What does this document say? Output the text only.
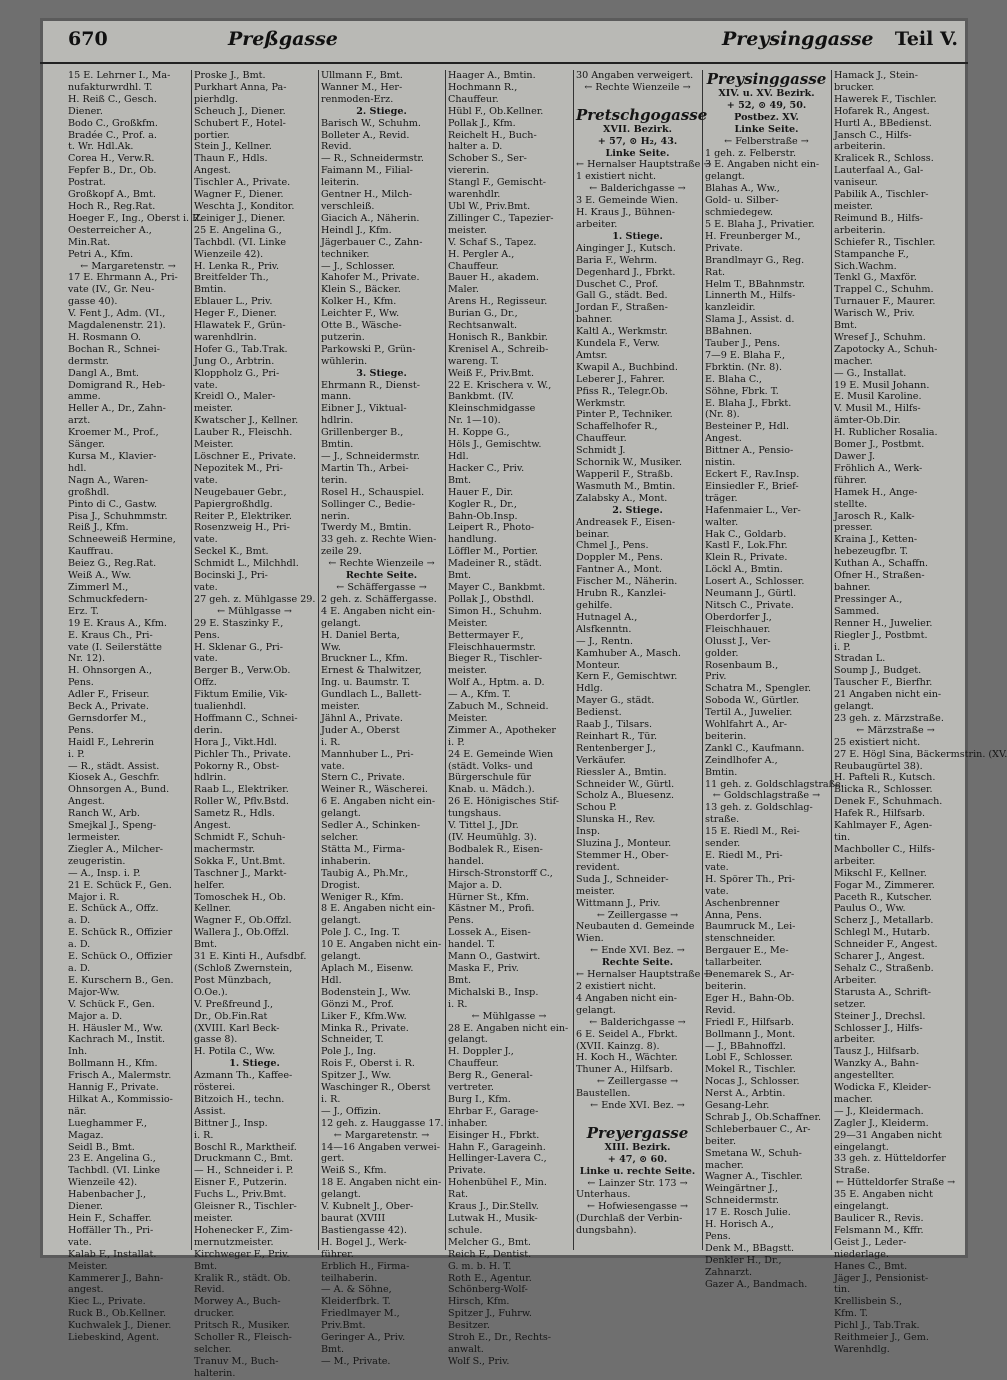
670	Preßgasse	Preysinggasse Teil V.
15 E. Lehrner I., Ma-
nufakturwrdhl. T.
H. Reiß C., Gesch.
Diener.
Bodo C., Großkfm.
Bradée C., Prof. a.
t. Wr. Hdl.Ak.
Corea H., Verw.R.
Fepfer B., Dr., Ob.
Postrat.
Großkopf A., Bmt.
Hoch R., Reg.Rat.
Hoeger F., Ing., Oberst i. R.
Oesterreicher A.,
Min.Rat.
Petri A., Kfm.
← Margaretenstr. →
17 E. Ehrmann A., Pri-
vate (IV., Gr. Neu-
gasse 40).
V. Fent J., Adm. (VI.,
Magdalenenstr. 21).
H. Rosmann O.
Bochan R., Schnei-
dermstr.
Dangl A., Bmt.
Domigrand R., Heb-
amme.
Heller A., Dr., Zahn-
arzt.
Kroemer M., Prof.,
Sänger.
Kursa M., Klavier-
hdl.
Nagn A., Waren-
großhdl.
Pinto di C., Gastw.
Pisa J., Schuhmmstr.
Reiß J., Kfm.
Schneeweiß Hermine,
Kauffrau.
Beiez G., Reg.Rat.
Weiß A., Ww.
Zimmerl M.,
Schmuckfedern-
Erz. T.
19 E. Kraus A., Kfm.
E. Kraus Ch., Pri-
vate (I. Seilerstätte
Nr. 12).
H. Ohnsorgen A.,
Pens.
Adler F., Friseur.
Beck A., Private.
Gernsdorfer M.,
Pens.
Haidl F., Lehrerin
i. P.
— R., städt. Assist.
Kiosek A., Geschfr.
Ohnsorgen A., Bund.
Angest.
Ranch W., Arb.
Smejkal J., Speng-
lermeister.
Ziegler A., Milcher-
zeugeristin.
— A., Insp. i. P.
21 E. Schück F., Gen.
Major i. R.
E. Schück A., Offz.
a. D.
E. Schück R., Offizier
a. D.
E. Schück O., Offizier
a. D.
E. Kurschern B., Gen.
Major-Ww.
V. Schück F., Gen.
Major a. D.
H. Häusler M., Ww.
Kachrach M., Instit.
Inh.
Bollmann H., Kfm.
Frisch A., Malermstr.
Hannig F., Private.
Hilkat A., Kommissio-
när.
Lueghammer F.,
Magaz.
Seidl B., Bmt.
23 E. Angelina G.,
Tachbdl. (VI. Linke
Wienzeile 42).
Habenbacher J.,
Diener.
Hein F., Schaffer.
Hoffäller Th., Pri-
vate.
Kalab F., Installat.
Meister.
Kammerer J., Bahn-
angest.
Kiec L., Private.
Ruck B., Ob.Kellner.
Kuchwalek J., Diener.
Liebeskind, Agent.
Proske J., Bmt.
Purkhart Anna, Pa-
pierhdlg.
Scheuch J., Diener.
Schubert F., Hotel-
portier.
Stein J., Kellner.
Thaun F., Hdls.
Angest.
Tischler A., Private.
Wagner F., Diener.
Weschta J., Konditor.
Zeiniger J., Diener.
25 E. Angelina G.,
Tachbdl. (VI. Linke
Wienzeile 42).
H. Lenka R., Priv.
Breitfelder Th.,
Bmtin.
Eblauer L., Priv.
Heger F., Diener.
Hlawatek F., Grün-
warenhdlrin.
Hofer G., Tab.Trak.
Jung O., Arbtrin.
Kloppholz G., Pri-
vate.
Kreidl O., Maler-
meister.
Kwatscher J., Kellner.
Lauber R., Fleischh.
Meister.
Löschner E., Private.
Nepozitek M., Pri-
vate.
Neugebauer Gebr.,
Papiergroßhdlg.
Reiter P., Elektriker.
Rosenzweig H., Pri-
vate.
Seckel K., Bmt.
Schmidt L., Milchhdl.
Bocinski J., Pri-
vate.
27 geh. z. Mühlgasse 29.
← Mühlgasse →
29 E. Staszinky F.,
Pens.
H. Sklenar G., Pri-
vate.
Berger B., Verw.Ob.
Offz.
Fiktum Emilie, Vik-
tualienhdl.
Hoffmann C., Schnei-
derin.
Hora J., Vikt.Hdl.
Pichler Th., Private.
Pokorny R., Obst-
hdlrin.
Raab L., Elektriker.
Roller W., Pflv.Bstd.
Sametz R., Hdls.
Angest.
Schmidt F., Schuh-
machermstr.
Sokka F., Unt.Bmt.
Taschner J., Markt-
helfer.
Tomoschek H., Ob.
Kellner.
Wagner F., Ob.Offzl.
Wallera J., Ob.Offzl.
Bmt.
31 E. Kinti H., Aufsdbf.
(Schloß Zwernstein,
Post Münzbach,
O.Oe.).
V. Preßfreund J.,
Dr., Ob.Fin.Rat
(XVIII. Karl Beck-
gasse 8).
H. Potila C., Ww.
1. Stiege.
Azmann Th., Kaffee-
rösterei.
Bitzoich H., techn.
Assist.
Bittner J., Insp.
i. R.
Boschl R., Marktheif.
Druckmann C., Bmt.
— H., Schneider i. P.
Eisner F., Putzerin.
Fuchs L., Priv.Bmt.
Gleisner R., Tischler-
meister.
Hohenecker F., Zim-
mernutzmeister.
Kirchweger F., Priv.
Bmt.
Kralik R., städt. Ob.
Revid.
Morwey A., Buch-
drucker.
Pritsch R., Musiker.
Scholler R., Fleisch-
selcher.
Tranuv M., Buch-
halterin.
Ullmann F., Bmt.
Wanner M., Her-
renmoden-Erz.
2. Stiege.
Barisch W., Schuhm.
Bolleter A., Revid.
Revid.
— R., Schneidermstr.
Faimann M., Filial-
leiterin.
Gentner H., Milch-
verschleiß.
Giacich A., Näherin.
Heindl J., Kfm.
Jägerbauer C., Zahn-
techniker.
— J., Schlosser.
Kahofer M., Private.
Klein S., Bäcker.
Kolker H., Kfm.
Leichter F., Ww.
Otte B., Wäsche-
putzerin.
Parkowski P., Grün-
wühlerin.
3. Stiege.
Ehrmann R., Dienst-
mann.
Eibner J., Viktual-
hdlrin.
Grillenberger B.,
Bmtin.
— J., Schneidermstr.
Martin Th., Arbei-
terin.
Rosel H., Schauspiel.
Sollinger C., Bedie-
nerin.
Twerdy M., Bmtin.
33 geh. z. Rechte Wien-
zeile 29.
← Rechte Wienzeile →
Rechte Seite.
← Schäffergasse →
2 geh. z. Schäffergasse.
4 E. Angaben nicht ein-
gelangt.
H. Daniel Berta,
Ww.
Bruckner L., Kfm.
Ernest & Thalwitzer,
Ing. u. Baumstr. T.
Gundlach L., Ballett-
meister.
Jähnl A., Private.
Juder A., Oberst
i. R.
Mannhuber L., Pri-
vate.
Stern C., Private.
Weiner R., Wäscherei.
6 E. Angaben nicht ein-
gelangt.
Sedler A., Schinken-
selcher.
Stätta M., Firma-
inhaberin.
Taubig A., Ph.Mr.,
Drogist.
Weniger R., Kfm.
8 E. Angaben nicht ein-
gelangt.
Pole J. C., Ing. T.
10 E. Angaben nicht ein-
gelangt.
Aplach M., Eisenw.
Hdl.
Bodenstein J., Ww.
Gönzi M., Prof.
Liker F., Kfm.Ww.
Minka R., Private.
Schneider, T.
Pole J., Ing.
Rois F., Oberst i. R.
Spitzer J., Ww.
Waschinger R., Oberst
i. R.
— J., Offizin.
12 geh. z. Hauggasse 17.
← Margaretenstr. →
14—16 Angaben verwei-
gert.
Weiß S., Kfm.
18 E. Angaben nicht ein-
gelangt.
V. Kubnelt J., Ober-
baurat (XVIII
Bastiengasse 42).
H. Bogel J., Werk-
führer.
Erblich H., Firma-
teilhaberin.
— A. & Söhne,
Kleiderfbrk. T.
Friedlmayer M.,
Priv.Bmt.
Geringer A., Priv.
Bmt.
— M., Private.
Haager A., Bmtin.
Hochmann R.,
Chauffeur.
Hübl F., Ob.Kellner.
Pollak J., Kfm.
Reichelt H., Buch-
halter a. D.
Schober S., Ser-
viererin.
Stangl F., Gemischt-
warenhdlr.
Ubl W., Priv.Bmt.
Zillinger C., Tapezier-
meister.
V. Schaf S., Tapez.
H. Pergler A.,
Chauffeur.
Bauer H., akadem.
Maler.
Arens H., Regisseur.
Burian G., Dr.,
Rechtsanwalt.
Honisch R., Bankbir.
Krenisel A., Schreib-
wareng. T.
Weiß F., Priv.Bmt.
22 E. Krischera v. W.,
Bankbmt. (IV.
Kleinschmidgasse
Nr. 1—10).
H. Koppe G.,
Höls J., Gemischtw.
Hdl.
Hacker C., Priv.
Bmt.
Hauer F., Dir.
Kogler R., Dr.,
Bahn-Ob.Insp.
Leipert R., Photo-
handlung.
Löffler M., Portier.
Madeiner R., städt.
Bmt.
Mayer C., Bankbmt.
Pollak J., Obsthdl.
Simon H., Schuhm.
Meister.
Bettermayer F.,
Fleischhauermstr.
Bieger R., Tischler-
meister.
Wolf A., Hptm. a. D.
— A., Kfm. T.
Zabuch M., Schneid.
Meister.
Zimmer A., Apotheker
i. P.
24 E. Gemeinde Wien
(städt. Volks- und
Bürgerschule für
Knab. u. Mädch.).
26 E. Hönigisches Stif-
tungshaus.
V. Tittel J., JDr.
(IV. Heumühlg. 3).
Bodbalek R., Eisen-
handel.
Hirsch-Stronstorff C.,
Major a. D.
Hürner St., Kfm.
Kästner M., Profi.
Pens.
Lossek A., Eisen-
handel. T.
Mann O., Gastwirt.
Maska F., Priv.
Bmt.
Michalski B., Insp.
i. R.
← Mühlgasse →
28 E. Angaben nicht ein-
gelangt.
H. Doppler J.,
Chauffeur.
Berg R., General-
vertreter.
Burg I., Kfm.
Ehrbar F., Garage-
inhaber.
Eisinger H., Fbrkt.
Hahn F., Garageinh.
Hellinger-Lavera C.,
Private.
Hohenbühel F., Min.
Rat.
Kraus J., Dir.Stellv.
Lutwak H., Musik-
schule.
Melcher G., Bmt.
Reich F., Dentist.
G. m. b. H. T.
Roth E., Agentur.
Schönberg-Wolf-
Hirsch, Kfm.
Spitzer J., Fuhrw.
Besitzer.
Stroh E., Dr., Rechts-
anwalt.
Wolf S., Priv.
30 Angaben verweigert.
← Rechte Wienzeile →

Pretschgogasse
XVII. Bezirk.
+ 57, ⊙ H₂, 43.
Linke Seite.
← Hernalser Hauptstraße →
1 existiert nicht.
← Balderichgasse →
3 E. Gemeinde Wien.
H. Kraus J., Bühnen-
arbeiter.
1. Stiege.
Ainginger J., Kutsch.
Baria F., Wehrm.
Degenhard J., Fbrkt.
Duschet C., Prof.
Gall G., städt. Bed.
Jordan F., Straßen-
bahner.
Kaltl A., Werkmstr.
Kundela F., Verw.
Amtsr.
Kwapil A., Buchbind.
Leberer J., Fahrer.
Pfiss R., Telegr.Ob.
Werkmstr.
Pinter P., Techniker.
Schaffelhofer R.,
Chauffeur.
Schmidt J.
Schornik W., Musiker.
Wapperil F., Straßb.
Wasmuth M., Bmtin.
Zalabsky A., Mont.
2. Stiege.
Andreasek F., Eisen-
beinar.
Chmel J., Pens.
Doppler M., Pens.
Fantner A., Mont.
Fischer M., Näherin.
Hrubn R., Kanzlei-
gehilfe.
Hutnagel A.,
Alsfkenntn.
— J., Rentn.
Kamhuber A., Masch.
Monteur.
Kern F., Gemischtwr.
Hdlg.
Mayer G., städt.
Bedienst.
Raab J., Tilsars.
Reinhart R., Tür.
Rentenberger J.,
Verkäufer.
Riessler A., Bmtin.
Schneider W., Gürtl.
Scholz A., Bluesenz.
Schou P.
Slunska H., Rev.
Insp.
Sluzina J., Monteur.
Stemmer H., Ober-
revident.
Suda J., Schneider-
meister.
Wittmann J., Priv.
← Zeillergasse →
Neubauten d. Gemeinde
Wien.
← Ende XVI. Bez. →
Rechte Seite.
← Hernalser Hauptstraße →
2 existiert nicht.
4 Angaben nicht ein-
gelangt.
← Balderichgasse →
6 E. Seidel A., Fbrkt.
(XVII. Kainzg. 8).
H. Koch H., Wächter.
Thuner A., Hilfsarb.
← Zeillergasse →
Baustellen.
← Ende XVI. Bez. →

Preyergasse
XIII. Bezirk.
+ 47, ⊙ 60.
Linke u. rechte Seite.
← Lainzer Str. 173 →
Unterhaus.
← Hofwiesengasse →
(Durchlaß der Verbin-
dungsbahn).
Preysinggasse
XIV. u. XV. Bezirk.
+ 52, ⊙ 49, 50.
Postbez. XV.
Linke Seite.
← Felberstraße →
1 geh. z. Felberstr.
3 E. Angaben nicht ein-
gelangt.
Blahas A., Ww.,
Gold- u. Silber-
schmiedegew.
5 E. Blaha J., Privatier.
H. Freunberger M.,
Private.
Brandlmayr G., Reg.
Rat.
Helm T., BBahnmstr.
Linnerth M., Hilfs-
kanzleidir.
Slama J., Assist. d.
BBahnen.
Tauber J., Pens.
7—9 E. Blaha F.,
Fbrktin. (Nr. 8).
E. Blaha C.,
Söhne, Fbrk. T.
E. Blaha J., Fbrkt.
(Nr. 8).
Besteiner P., Hdl.
Angest.
Bittner A., Pensio-
nistin.
Eckert F., Rav.Insp.
Einsiedler F., Brief-
träger.
Hafenmaier L., Ver-
walter.
Hak C., Goldarb.
Kastl F., Lok.Fhr.
Klein R., Private.
Löckl A., Bmtin.
Losert A., Schlosser.
Neumann J., Gürtl.
Nitsch C., Private.
Oberdorfer J.,
Fleischhauer.
Olusst J., Ver-
golder.
Rosenbaum B.,
Priv.
Schatra M., Spengler.
Soboda W., Gürtler.
Tertil A., Juwelier.
Wohlfahrt A., Ar-
beiterin.
Zankl C., Kaufmann.
Zeindlhofer A.,
Bmtin.
11 geh. z. Goldschlagstraße.
← Goldschlagstraße →
13 geh. z. Goldschlag-
straße.
15 E. Riedl M., Rei-
sender.
E. Riedl M., Pri-
vate.
H. Spörer Th., Pri-
vate.
Aschenbrenner
Anna, Pens.
Baumruck M., Lei-
stenschneider.
Bergauer E., Me-
tallarbeiter.
Denemarek S., Ar-
beiterin.
Eger H., Bahn-Ob.
Revid.
Friedl F., Hilfsarb.
Bollmann J., Mont.
— J., BBahnoffzl.
Lobl F., Schlosser.
Mokel R., Tischler.
Nocas J., Schlosser.
Nerst A., Arbtin.
Gesang-Lehr.
Schrab J., Ob.Schaffner.
Schleberbauer C., Ar-
beiter.
Smetana W., Schuh-
macher.
Wagner A., Tischler.
Weingärtner J.,
Schneidermstr.
17 E. Rosch Julie.
H. Horisch A.,
Pens.
Denk M., BBagstt.
Denkler H., Dr.,
Zahnarzt.
Gazer A., Bandmach.
Hamack J., Stein-
brucker.
Hawerek F., Tischler.
Hofarek R., Angest.
Hurtl A., BBedienst.
Jansch C., Hilfs-
arbeiterin.
Kralicek R., Schloss.
Lauterfaal A., Gal-
vaniseur.
Pabilik A., Tischler-
meister.
Reimund B., Hilfs-
arbeiterin.
Schiefer R., Tischler.
Stampanche F.,
Sich.Wachm.
Tenkl G., Maxför.
Trappel C., Schuhm.
Turnauer F., Maurer.
Warisch W., Priv.
Bmt.
Wresef J., Schuhm.
Zapotocky A., Schuh-
macher.
— G., Installat.
19 E. Musil Johann.
E. Musil Karoline.
V. Musil M., Hilfs-
ämter-Ob.Dir.
H. Rublicher Rosalia.
Bomer J., Postbmt.
Dawer J.
Fröhlich A., Werk-
führer.
Hamek H., Ange-
stellte.
Jarosch R., Kalk-
presser.
Kraina J., Ketten-
hebezeugfbr. T.
Kuthan A., Schaffn.
Ofner H., Straßen-
bahner.
Pressinger A.,
Sammed.
Renner H., Juwelier.
Riegler J., Postbmt.
i. P.
Stradan L.
Soump J., Budget.
Tauscher F., Bierfhr.
21 Angaben nicht ein-
gelangt.
23 geh. z. Märzstraße.
← Märzstraße →
25 existiert nicht.
27 E. Högl Sina, Bäckermstrin. (XV.
Reubaugürtel 38).
H. Pafteli R., Kutsch.
Blicka R., Schlosser.
Denek F., Schuhmach.
Hafek R., Hilfsarb.
Kahlmayer F., Agen-
tin.
Machboller C., Hilfs-
arbeiter.
Mikschl F., Kellner.
Fogar M., Zimmerer.
Paceth R., Kutscher.
Paulus O., Ww.
Scherz J., Metallarb.
Schlegl M., Hutarb.
Schneider F., Angest.
Scharer J., Angest.
Sehalz C., Straßenb.
Arbeiter.
Starusta A., Schrift-
setzer.
Steiner J., Drechsl.
Schlosser J., Hilfs-
arbeiter.
Tausz J., Hilfsarb.
Wanzky A., Bahn-
angestellter.
Wodicka F., Kleider-
macher.
— J., Kleidermach.
Zagler J., Kleiderm.
29—31 Angaben nicht
eingelangt.
33 geh. z. Hütteldorfer
Straße.
← Hütteldorfer Straße →
35 E. Angaben nicht
eingelangt.
Baulicer R., Revis.
Felsmann M., Kffr.
Geist J., Leder-
niederlage.
Hanes C., Bmt.
Jäger J., Pensionist-
tin.
Krellisbein S.,
Kfm. T.
Pichl J., Tab.Trak.
Reithmeier J., Gem.
Warenhdlg.
